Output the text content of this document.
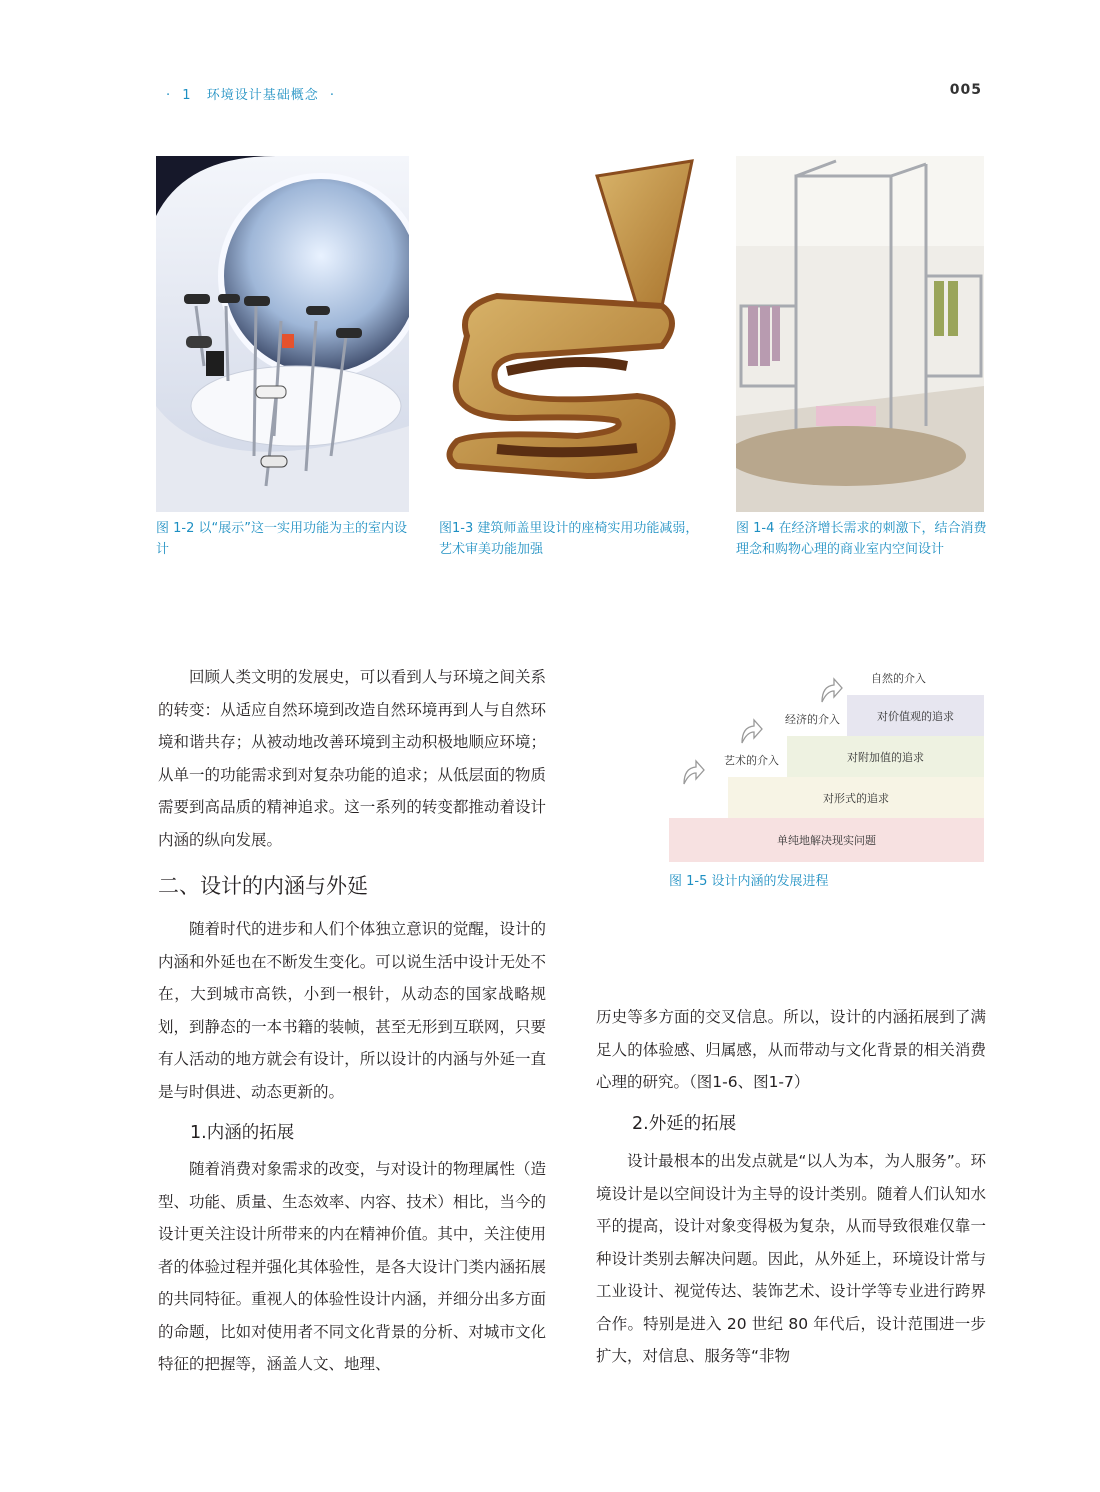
· 1 环境设计基础概念 ·	005
图 1-2 以“展示”这一实用功能为主的室内设计
图1-3 建筑师盖里设计的座椅实用功能减弱，艺术审美功能加强
图 1-4 在经济增长需求的刺激下，结合消费理念和购物心理的商业室内空间设计
回顾人类文明的发展史，可以看到人与环境之间关系的转变：从适应自然环境到改造自然环境再到人与自然环境和谐共存；从被动地改善环境到主动积极地顺应环境；从单一的功能需求到对复杂功能的追求；从低层面的物质需要到高品质的精神追求。这一系列的转变都推动着设计内涵的纵向发展。
二、设计的内涵与外延
随着时代的进步和人们个体独立意识的觉醒，设计的内涵和外延也在不断发生变化。可以说生活中设计无处不在，大到城市高铁，小到一根针，从动态的国家战略规划，到静态的一本书籍的装帧，甚至无形到互联网，只要有人活动的地方就会有设计，所以设计的内涵与外延一直是与时俱进、动态更新的。
1.内涵的拓展
随着消费对象需求的改变，与对设计的物理属性（造型、功能、质量、生态效率、内容、技术）相比，当今的设计更关注设计所带来的内在精神价值。其中，关注使用者的体验过程并强化其体验性，是各大设计门类内涵拓展的共同特征。重视人的体验性设计内涵，并细分出多方面的命题，比如对使用者不同文化背景的分析、对城市文化特征的把握等，涵盖人文、地理、
单纯地解决现实问题
对形式的追求
对附加值的追求
对价值观的追求
艺术的介入
经济的介入
自然的介入
图 1-5 设计内涵的发展进程
历史等多方面的交叉信息。所以，设计的内涵拓展到了满足人的体验感、归属感，从而带动与文化背景的相关消费心理的研究。（图1-6、图1-7）
2.外延的拓展
设计最根本的出发点就是“以人为本，为人服务”。环境设计是以空间设计为主导的设计类别。随着人们认知水平的提高，设计对象变得极为复杂，从而导致很难仅靠一种设计类别去解决问题。因此，从外延上，环境设计常与工业设计、视觉传达、装饰艺术、设计学等专业进行跨界合作。特别是进入 20 世纪 80 年代后，设计范围进一步扩大，对信息、服务等“非物
